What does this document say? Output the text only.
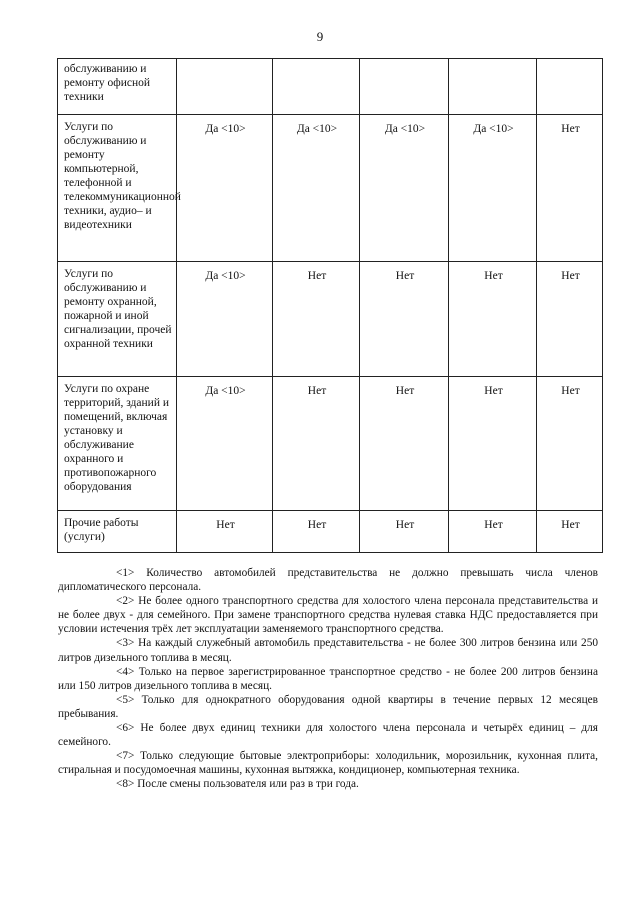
9
обслуживанию и ремонту офисной техники					
Услуги по обслуживанию и ремонту компьютерной, телефонной и телекоммуникационной техники, аудио– и видеотехники	Да <10>	Да <10>	Да <10>	Да <10>	Нет
Услуги по обслуживанию и ремонту охранной, пожарной и иной сигнализации, прочей охранной техники	Да <10>	Нет	Нет	Нет	Нет
Услуги по охране территорий, зданий и помещений, включая установку и обслуживание охранного и противопожарного оборудования	Да <10>	Нет	Нет	Нет	Нет
Прочие работы (услуги)	Нет	Нет	Нет	Нет	Нет

<1> Количество автомобилей представительства не должно превышать числа членов дипломатического персонала.

<2> Не более одного транспортного средства для холостого члена персонала представительства и не более двух - для семейного. При замене транспортного средства нулевая ставка НДС предоставляется при условии истечения трёх лет эксплуатации заменяемого транспортного средства.

<3> На каждый служебный автомобиль представительства - не более 300 литров бензина или 250 литров дизельного топлива в месяц.

<4> Только на первое зарегистрированное транспортное средство - не более 200 литров бензина или 150 литров дизельного топлива в месяц.

<5> Только для однократного оборудования одной квартиры в течение первых 12 месяцев пребывания.

<6> Не более двух единиц техники для холостого члена персонала и четырёх единиц – для семейного.

<7> Только следующие бытовые электроприборы: холодильник, морозильник, кухонная плита, стиральная и посудомоечная машины, кухонная вытяжка, кондиционер, компьютерная техника.

<8> После смены пользователя или раз в три года.
